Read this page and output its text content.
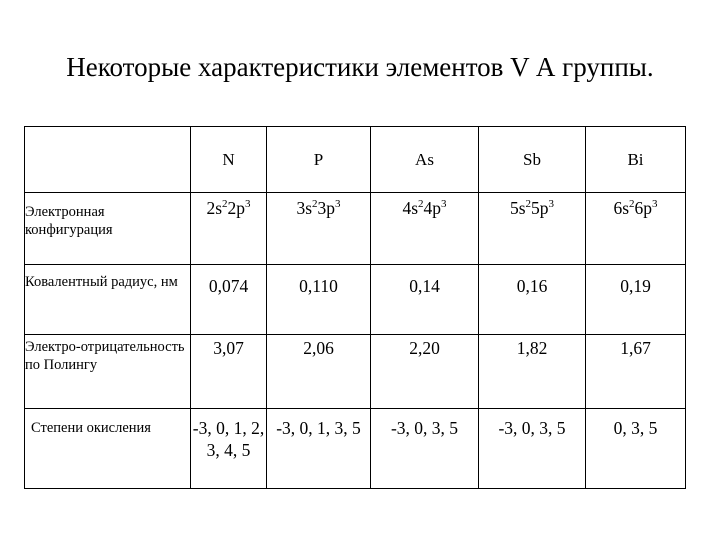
Некоторые характеристики элементов V А группы.
	N	P	As	Sb	Bi
Электронная конфигурация	$2s^22p^3$	$3s^23p^3$	$4s^24p^3$	$5s^25p^3$	$6s^26p^3$
Ковалентный радиус, нм	0,074	0,110	0,14	0,16	0,19
Электро-отрицательность по Полингу	3,07	2,06	2,20	1,82	1,67
Степени окисления	-3, 0, 1, 2, 3, 4, 5	-3, 0, 1, 3, 5	-3, 0, 3, 5	-3, 0, 3, 5	0, 3, 5
